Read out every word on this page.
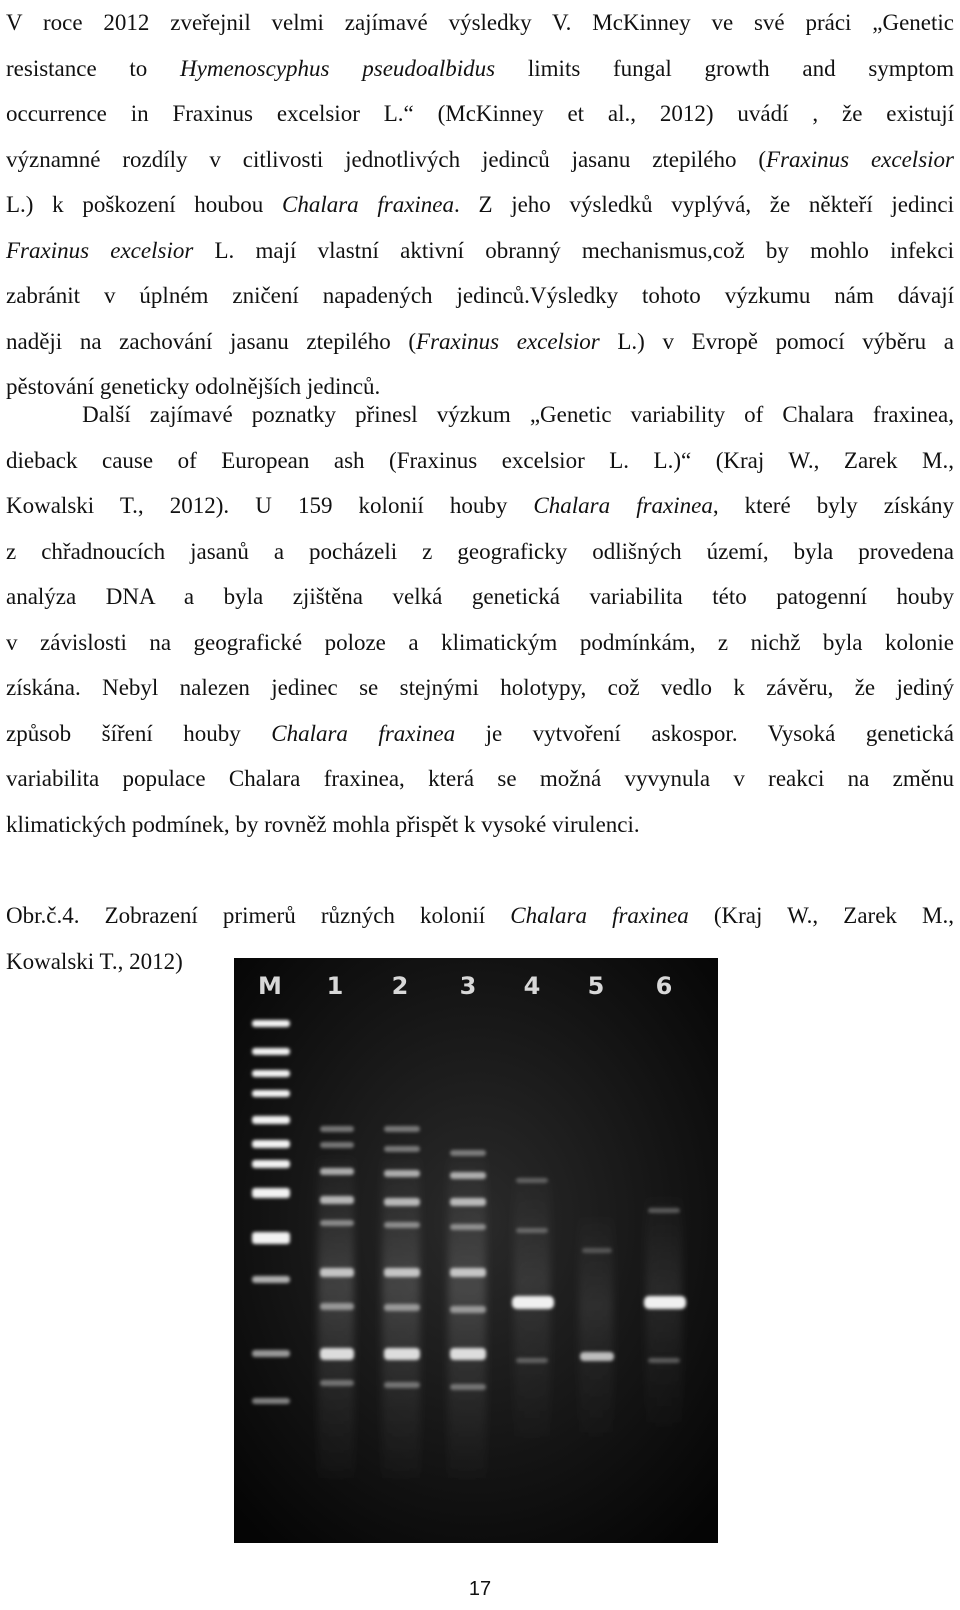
V roce 2012 zveřejnil velmi zajímavé výsledky V. McKinney ve své práci „Genetic
resistance to Hymenoscyphus pseudoalbidus limits fungal growth and symptom
occurrence in Fraxinus excelsior L.“ (McKinney et al., 2012) uvádí , že existují
významné rozdíly v citlivosti jednotlivých jedinců jasanu ztepilého (Fraxinus excelsior
L.) k poškození houbou Chalara fraxinea. Z jeho výsledků vyplývá, že někteří jedinci
Fraxinus excelsior L. mají vlastní aktivní obranný mechanismus,což by mohlo infekci
zabránit v úplném zničení napadených jedinců.Výsledky tohoto výzkumu nám dávají
naději na zachování jasanu ztepilého (Fraxinus excelsior L.) v Evropě pomocí výběru a
pěstování geneticky odolnějších jedinců.

Další zajímavé poznatky přinesl výzkum „Genetic variability of Chalara fraxinea,
dieback cause of European ash (Fraxinus excelsior L. L.)“ (Kraj W., Zarek M.,
Kowalski T., 2012). U 159 kolonií houby Chalara fraxinea, které byly získány
z chřadnoucích jasanů a pocházeli z geograficky odlišných území, byla provedena
analýza DNA a byla zjištěna velká genetická variabilita této patogenní houby
v závislosti na geografické poloze a klimatickým podmínkám, z nichž byla kolonie
získána. Nebyl nalezen jedinec se stejnými holotypy, což vedlo k závěru, že jediný
způsob šíření houby Chalara fraxinea je vytvoření askospor. Vysoká genetická
variabilita populace Chalara fraxinea, která se možná vyvynula v reakci na změnu
klimatických podmínek, by rovněž mohla přispět k vysoké virulenci.

Obr.č.4. Zobrazení primerů různých kolonií Chalara fraxinea (Kraj W., Zarek M.,
Kowalski T., 2012)

M 1 2 3 4 5 6
17
